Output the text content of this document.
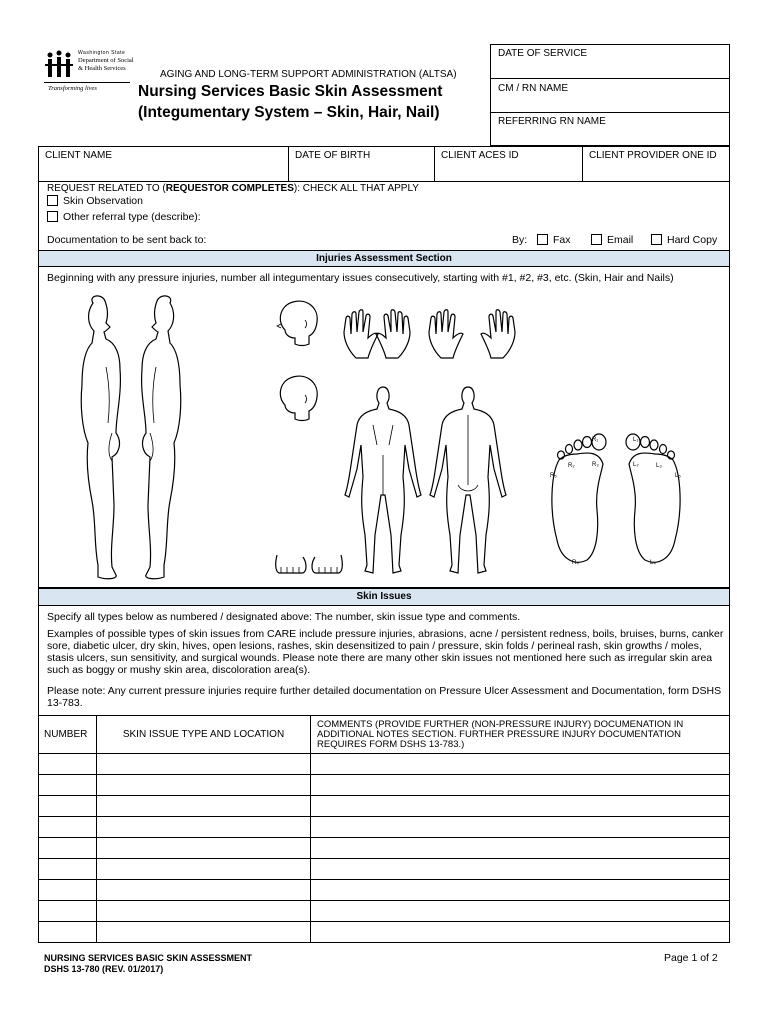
Washington State
Department of Social
& Health Services
Transforming lives
AGING AND LONG-TERM SUPPORT ADMINISTRATION (ALTSA)
Nursing Services Basic Skin Assessment
(Integumentary System – Skin, Hair, Nail)
DATE OF SERVICE
CM / RN NAME
REFERRING RN NAME
CLIENT NAME	DATE OF BIRTH	CLIENT ACES ID	CLIENT PROVIDER ONE ID
REQUEST RELATED TO (REQUESTOR COMPLETES): CHECK ALL THAT APPLY
Skin Observation
Other referral type (describe):
Documentation to be sent back to:	By:	Fax	Email	Hard Copy
Injuries Assessment Section
Beginning with any pressure injuries, number all integumentary issues consecutively, starting with #1, #2, #3, etc. (Skin, Hair and Nails)
R₁
R₂	R₃
R₄
R₅
L₁
L₂	L₃
L₄
L₅
Skin Issues
Specify all types below as numbered / designated above: The number, skin issue type and comments.
Examples of possible types of skin issues from CARE include pressure injuries, abrasions, acne / persistent redness, boils, bruises, burns, canker sore, diabetic ulcer, dry skin, hives, open lesions, rashes, skin desensitized to pain / pressure, skin folds / perineal rash, skin growths / moles, stasis ulcers, sun sensitivity, and surgical wounds. Please note there are many other skin issues not mentioned here such as irregular skin area such as boggy or mushy skin area, discoloration area(s).
Please note: Any current pressure injuries require further detailed documentation on Pressure Ulcer Assessment and Documentation, form DSHS 13-783.
NUMBER	SKIN ISSUE TYPE AND LOCATION	COMMENTS (PROVIDE FURTHER (NON-PRESSURE INJURY) DOCUMENATION IN ADDITIONAL NOTES SECTION. FURTHER PRESSURE INJURY DOCUMENTATION REQUIRES FORM DSHS 13-783.)

NURSING SERVICES BASIC SKIN ASSESSMENT
DSHS 13-780 (REV. 01/2017)
Page 1 of 2
